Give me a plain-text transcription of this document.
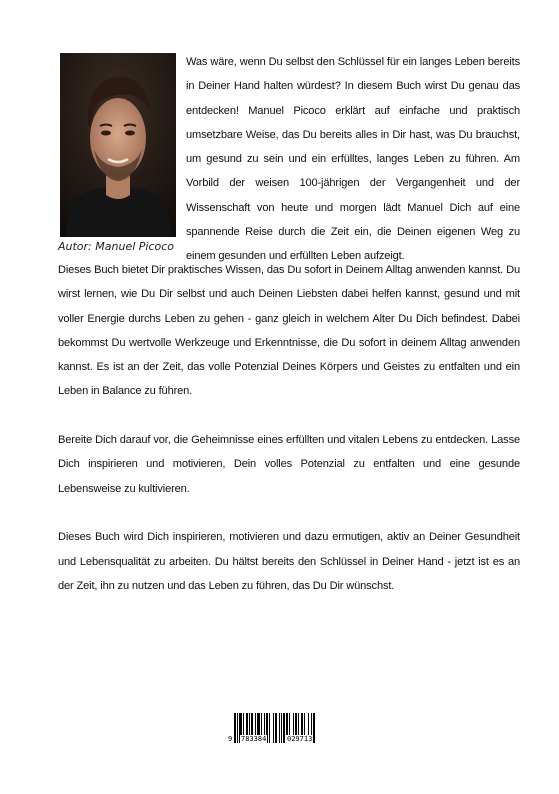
Autor: Manuel Picoco
Was wäre, wenn Du selbst den Schlüssel für ein langes Leben bereits in Deiner Hand halten würdest? In diesem Buch wirst Du genau das entdecken! Manuel Picoco erklärt auf einfache und praktisch umsetzbare Weise, das Du bereits alles in Dir hast, was Du brauchst, um gesund zu sein und ein erfülltes, langes Leben zu führen. Am Vorbild der weisen 100-jährigen der Vergangenheit und der Wissenschaft von heute und morgen lädt Manuel Dich auf eine spannende Reise durch die Zeit ein, die Deinen eigenen Weg zu einem gesunden und erfüllten Leben aufzeigt.

Dieses Buch bietet Dir praktisches Wissen, das Du sofort in Deinem Alltag anwenden kannst. Du wirst lernen, wie Du Dir selbst und auch Deinen Liebsten dabei helfen kannst, gesund und mit voller Energie durchs Leben zu gehen - ganz gleich in welchem Alter Du Dich befindest. Dabei bekommst Du wertvolle Werkzeuge und Erkenntnisse, die Du sofort in deinem Alltag anwenden kannst. Es ist an der Zeit, das volle Potenzial Deines Körpers und Geistes zu entfalten und ein Leben in Balance zu führen.

Bereite Dich darauf vor, die Geheimnisse eines erfüllten und vitalen Lebens zu entdecken. Lasse Dich inspirieren und motivieren, Dein volles Potenzial zu entfalten und eine gesunde Lebensweise zu kultivieren.

Dieses Buch wird Dich inspirieren, motivieren und dazu ermutigen, aktiv an Deiner Gesundheit und Lebensqualität zu arbeiten. Du hältst bereits den Schlüssel in Deiner Hand - jetzt ist es an der Zeit, ihn zu nutzen und das Leben zu führen, das Du Dir wünschst.

9 783384	029713
